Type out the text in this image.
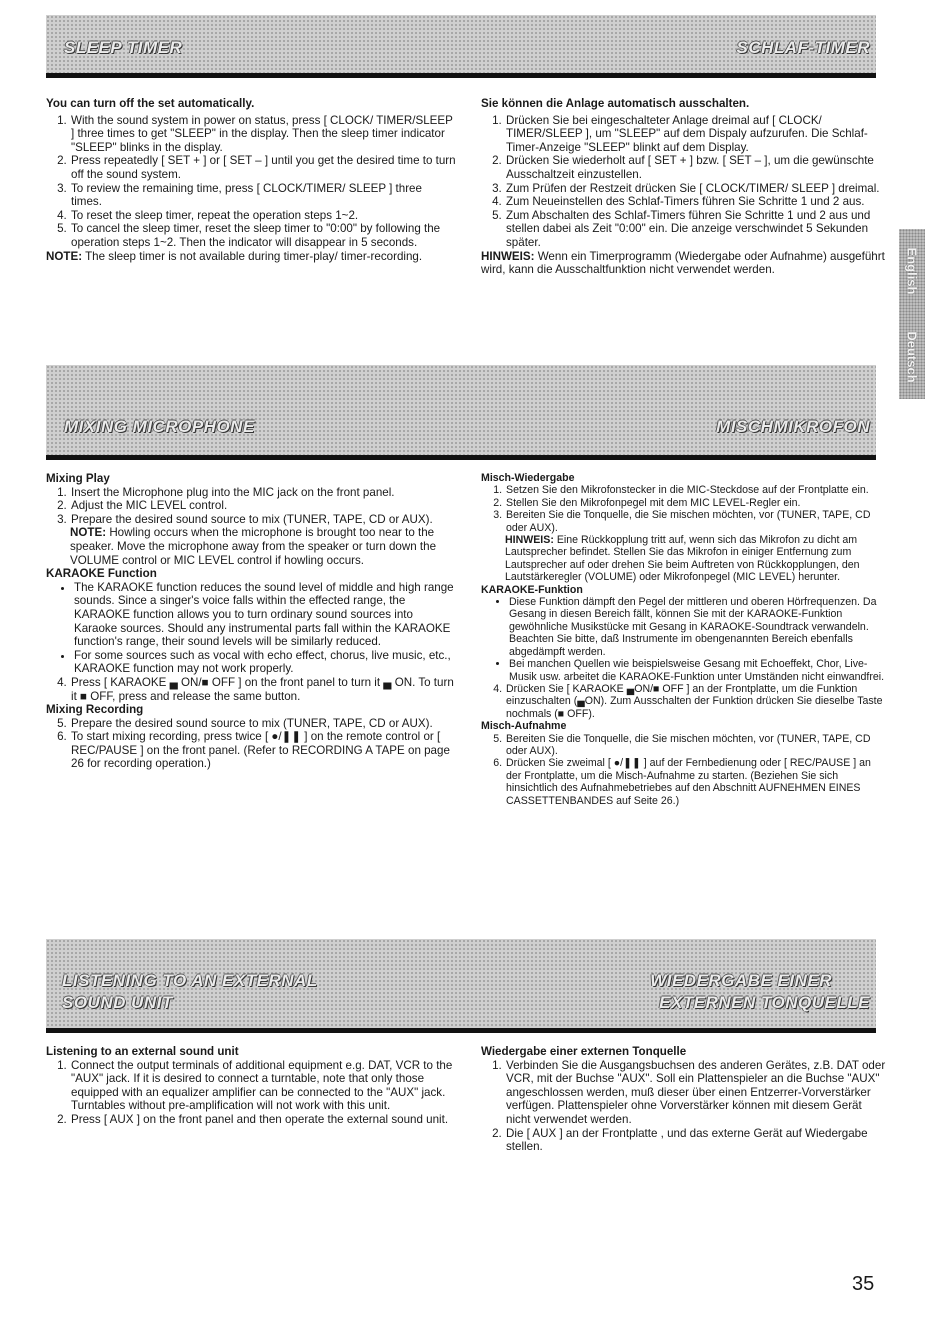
SLEEP TIMER	SCHLAF-TIMER

You can turn off the set automatically.

1. With the sound system in power on status, press [ CLOCK/ TIMER/SLEEP ] three times to get "SLEEP" in the display. Then the sleep timer indicator "SLEEP" blinks in the display.
2. Press repeatedly [ SET + ] or [ SET – ] until you get the desired time to turn off the sound system.
3. To review the remaining time, press [ CLOCK/TIMER/ SLEEP ] three times.
4. To reset the sleep timer, repeat the operation steps 1~2.
5. To cancel the sleep timer, reset the sleep timer to "0:00" by following the operation steps 1~2. Then the indicator will disappear in 5 seconds.

NOTE: The sleep timer is not available during timer-play/ timer-recording.

Sie können die Anlage automatisch ausschalten.

1. Drücken Sie bei eingeschalteter Anlage dreimal auf [ CLOCK/ TIMER/SLEEP ], um "SLEEP" auf dem Dispaly aufzurufen. Die Schlaf-Timer-Anzeige "SLEEP" blinkt auf dem Display.
2. Drücken Sie wiederholt auf [ SET + ] bzw. [ SET – ], um die gewünschte Ausschaltzeit einzustellen.
3. Zum Prüfen der Restzeit drücken Sie [ CLOCK/TIMER/ SLEEP ] dreimal.
4. Zum Neueinstellen des Schlaf-Timers führen Sie Schritte 1 und 2 aus.
5. Zum Abschalten des Schlaf-Timers führen Sie Schritte 1 und 2 aus und stellen dabei als Zeit "0:00" ein. Die anzeige verschwindet 5 Sekunden später.

HINWEIS: Wenn ein Timerprogramm (Wiedergabe oder Aufnahme) ausgeführt wird, kann die Ausschaltfunktion nicht verwendet werden.	English
Deutsch
MIXING MICROPHONE	MISCHMIKROFON

Mixing Play

1. Insert the Microphone plug into the MIC jack on the front panel.
2. Adjust the MIC LEVEL control.
3. Prepare the desired sound source to mix (TUNER, TAPE, CD or AUX).

NOTE: Howling occurs when the microphone is brought too near to the speaker. Move the microphone away from the speaker or turn down the VOLUME control or MIC LEVEL control if howling occurs.

KARAOKE Function

• The KARAOKE function reduces the sound level of middle and high range sounds. Since a singer's voice falls within the effected range, the KARAOKE function allows you to turn ordinary sound sources into Karaoke sources. Should any instrumental parts fall within the KARAOKE function's range, their sound levels will be similarly reduced.
• For some sources such as vocal with echo effect, chorus, live music, etc., KARAOKE function may not work properly.
4. Press [ KARAOKE ▄ ON/■ OFF ] on the front panel to turn it ▄ ON. To turn it ■ OFF, press and release the same button.

Mixing Recording

5. Prepare the desired sound source to mix (TUNER, TAPE, CD or AUX).
6. To start mixing recording, press twice [ ●/❚❚ ] on the remote control or [ REC/PAUSE ] on the front panel. (Refer to RECORDING A TAPE on page 26 for recording operation.)

Misch-Wiedergabe

1. Setzen Sie den Mikrofonstecker in die MIC-Steckdose auf der Frontplatte ein.
2. Stellen Sie den Mikrofonpegel mit dem MIC LEVEL-Regler ein.
3. Bereiten Sie die Tonquelle, die Sie mischen möchten, vor (TUNER, TAPE, CD oder AUX).

HINWEIS: Eine Rückkopplung tritt auf, wenn sich das Mikrofon zu dicht am Lautsprecher befindet. Stellen Sie das Mikrofon in einiger Entfernung zum Lautsprecher auf oder drehen Sie beim Auftreten von Rückkopplungen, den Lautstärkeregler (VOLUME) oder Mikrofonpegel (MIC LEVEL) herunter.

KARAOKE-Funktion

• Diese Funktion dämpft den Pegel der mittleren und oberen Hörfrequenzen. Da Gesang in diesen Bereich fällt, können Sie mit der KARAOKE-Funktion gewöhnliche Musikstücke mit Gesang in KARAOKE-Soundtrack verwandeln. Beachten Sie bitte, daß Instrumente im obengenannten Bereich ebenfalls abgedämpft werden.
• Bei manchen Quellen wie beispielsweise Gesang mit Echoeffekt, Chor, Live-Musik usw. arbeitet die KARAOKE-Funktion unter Umständen nicht einwandfrei.
4. Drücken Sie [ KARAOKE ▄ON/■ OFF ] an der Frontplatte, um die Funktion einzuschalten (▄ON). Zum Ausschalten der Funktion drücken Sie dieselbe Taste nochmals (■ OFF).

Misch-Aufnahme

5. Bereiten Sie die Tonquelle, die Sie mischen möchten, vor (TUNER, TAPE, CD oder AUX).
6. Drücken Sie zweimal [ ●/❚❚ ] auf der Fernbedienung oder [ REC/PAUSE ] an der Frontplatte, um die Misch-Aufnahme zu starten. (Beziehen Sie sich hinsichtlich des Aufnahmebetriebes auf den Abschnitt AUFNEHMEN EINES CASSETTENBANDES auf Seite 26.)
LISTENING TO AN EXTERNAL
SOUND UNIT
WIEDERGABE EINER
EXTERNEN TONQUELLE

Listening to an external sound unit

1. Connect the output terminals of additional equipment e.g. DAT, VCR to the "AUX" jack. If it is desired to connect a turntable, note that only those equipped with an equalizer amplifier can be connected to the "AUX" jack. Turntables without pre-amplification will not work with this unit.
2. Press [ AUX ] on the front panel and then operate the external sound unit.

Wiedergabe einer externen Tonquelle

1. Verbinden Sie die Ausgangsbuchsen des anderen Gerätes, z.B. DAT oder VCR, mit der Buchse "AUX". Soll ein Plattenspieler an die Buchse "AUX" angeschlossen werden, muß dieser über einen Entzerrer-Vorverstärker verfügen. Plattenspieler ohne Vorverstärker können mit diesem Gerät nicht verwendet werden.
2. Die [ AUX ] an der Frontplatte , und das externe Gerät auf Wiedergabe stellen.
35
